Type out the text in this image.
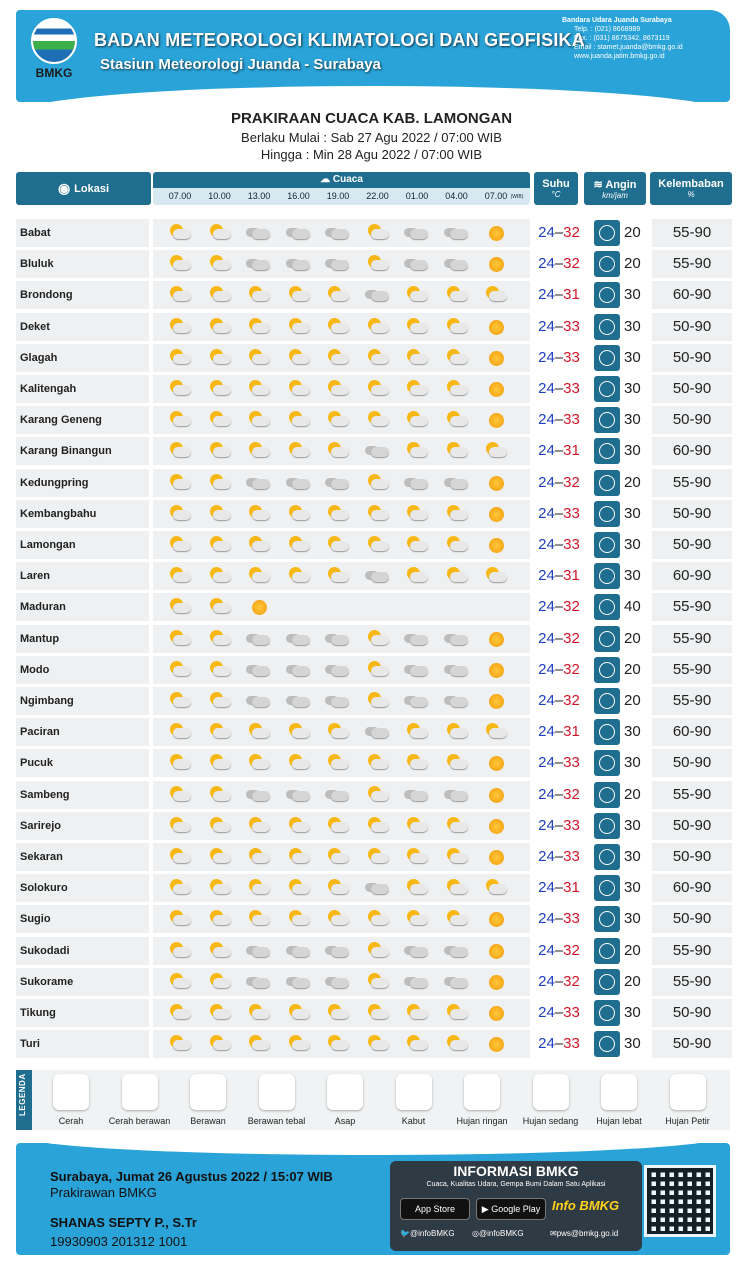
BMKG
BADAN METEOROLOGI KLIMATOLOGI DAN GEOFISIKA
Stasiun Meteorologi Juanda - Surabaya
Bandara Udara Juanda Surabaya
Telp. : (021) 8668989
Fax. : (031) 8675342, 8673119
Email : stamet.juanda@bmkg.go.id
www.juanda.jatim.bmkg.go.id
PRAKIRAAN CUACA KAB. LAMONGAN
Berlaku Mulai : Sab 27 Agu 2022 / 07:00 WIB
Hingga : Min 28 Agu 2022 / 07:00 WIB
◉ Lokasi
☁ Cuaca
07.00	10.00	13.00	16.00	19.00	22.00	01.00	04.00	07.00 (WIB)
Suhu
°C
≋ Angin
km/jam
Kelembaban
%
Babat	24–32	20	55-90
Bluluk	24–32	20	55-90
Brondong	24–31	30	60-90
Deket	24–33	30	50-90
Glagah	24–33	30	50-90
Kalitengah	24–33	30	50-90
Karang Geneng	24–33	30	50-90
Karang Binangun	24–31	30	60-90
Kedungpring	24–32	20	55-90
Kembangbahu	24–33	30	50-90
Lamongan	24–33	30	50-90
Laren	24–31	30	60-90
Maduran	24–32	40	55-90
Mantup	24–32	20	55-90
Modo	24–32	20	55-90
Ngimbang	24–32	20	55-90
Paciran	24–31	30	60-90
Pucuk	24–33	30	50-90
Sambeng	24–32	20	55-90
Sarirejo	24–33	30	50-90
Sekaran	24–33	30	50-90
Solokuro	24–31	30	60-90
Sugio	24–33	30	50-90
Sukodadi	24–32	20	55-90
Sukorame	24–32	20	55-90
Tikung	24–33	30	50-90
Turi	24–33	30	50-90
LEGENDA
Cerah	Cerah berawan	Berawan	Berawan tebal	Asap	Kabut	Hujan ringan	Hujan sedang	Hujan lebat	Hujan Petir
Surabaya, Jumat 26 Agustus 2022 / 15:07 WIB
Prakirawan BMKG
SHANAS SEPTY P., S.Tr
19930903 201312 1001
INFORMASI BMKG
Cuaca, Kualitas Udara, Gempa Bumi Dalam Satu Aplikasi
App Store	▶ Google Play Info BMKG
🐦@infoBMKG ◎@infoBMKG	✉pws@bmkg.go.id
